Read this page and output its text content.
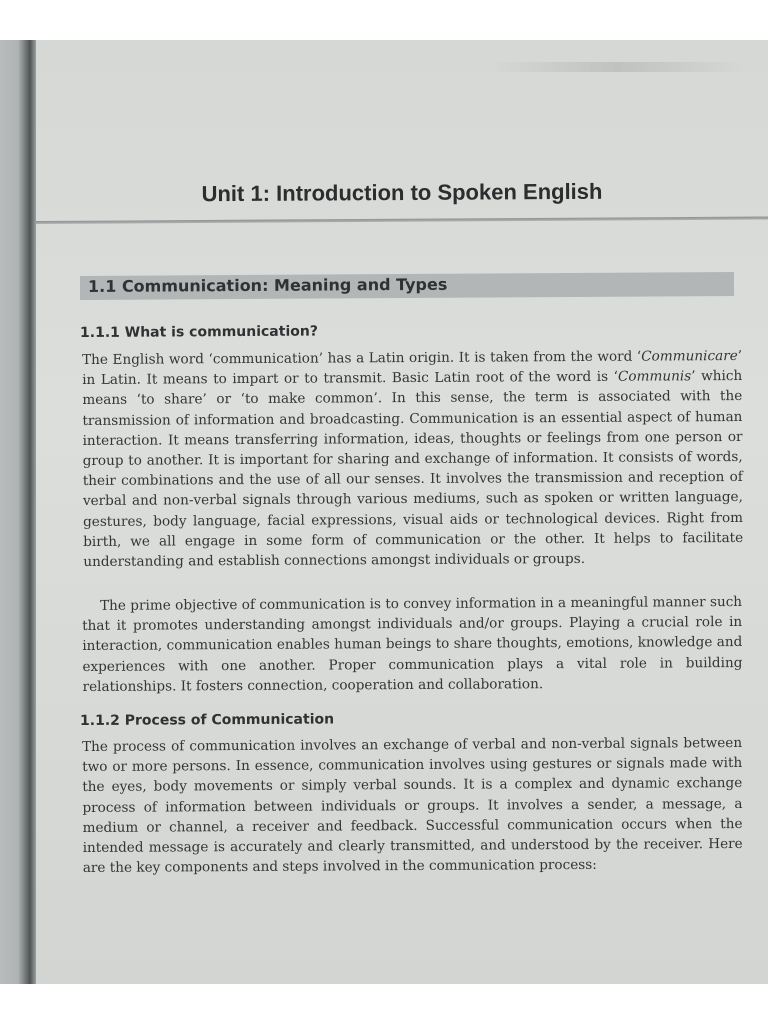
Unit 1: Introduction to Spoken English
1.1 Communication: Meaning and Types
1.1.1 What is communication?

The English word ‘communication’ has a Latin origin. It is taken from the word ‘Communicare’ in Latin. It means to impart or to transmit. Basic Latin root of the word is ‘Communis’ which means ‘to share’ or ‘to make common’. In this sense, the term is associated with the transmission of information and broadcasting. Communication is an essential aspect of human interaction. It means transferring information, ideas, thoughts or feelings from one person or group to another. It is important for sharing and exchange of information. It consists of words, their combinations and the use of all our senses. It involves the transmission and reception of verbal and non-verbal signals through various mediums, such as spoken or written language, gestures, body language, facial expressions, visual aids or technological devices. Right from birth, we all engage in some form of communication or the other. It helps to facilitate understanding and establish connections amongst individuals or groups.

The prime objective of communication is to convey information in a meaningful manner such that it promotes understanding amongst individuals and/or groups. Playing a crucial role in interaction, communication enables human beings to share thoughts, emotions, knowledge and experiences with one another. Proper communication plays a vital role in building relationships. It fosters connection, cooperation and collaboration.

1.1.2 Process of Communication

The process of communication involves an exchange of verbal and non-verbal signals between two or more persons. In essence, communication involves using gestures or signals made with the eyes, body movements or simply verbal sounds. It is a complex and dynamic exchange process of information between individuals or groups. It involves a sender, a message, a medium or channel, a receiver and feedback. Successful communication occurs when the intended message is accurately and clearly transmitted, and understood by the receiver. Here are the key components and steps involved in the communication process:
